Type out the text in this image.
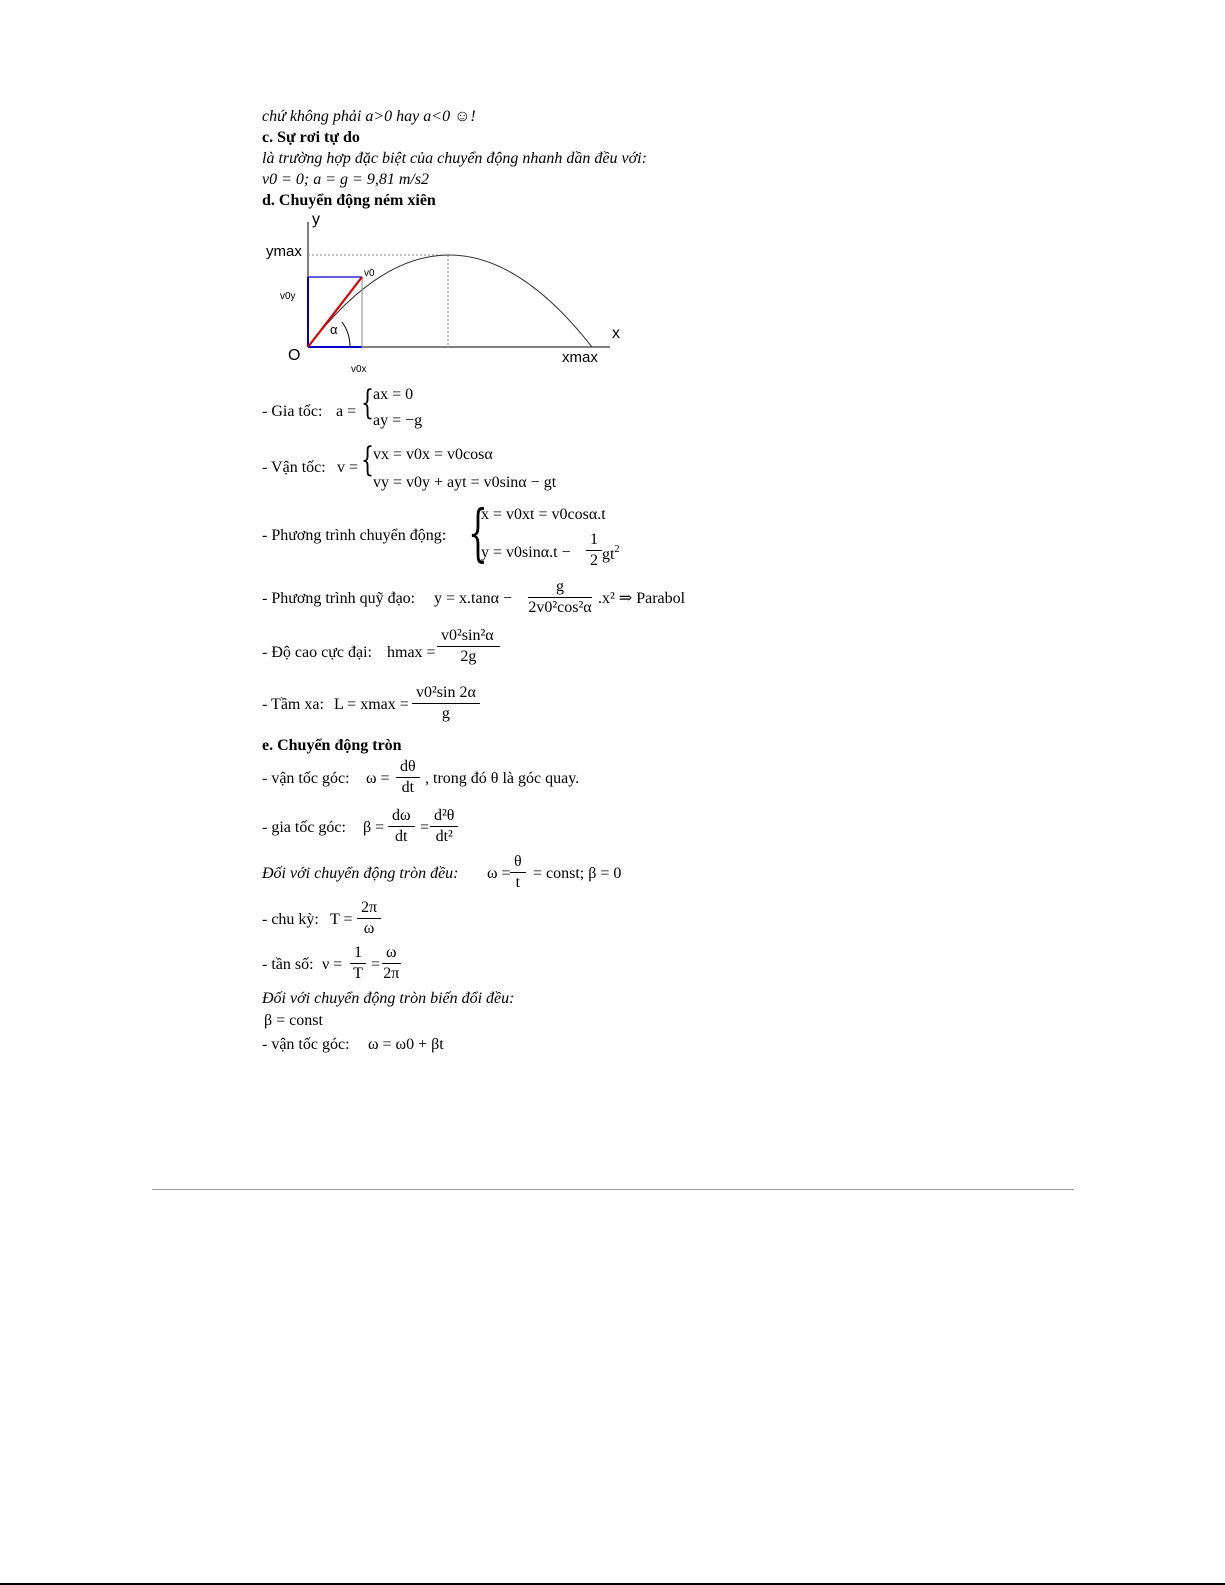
chứ không phải a>0 hay a<0 ☺!
c. Sự rơi tự do
là trường hợp đặc biệt của chuyển động nhanh dần đều với:
v0 = 0; a = g = 9,81 m/s2
d. Chuyển động ném xiên
y
x
O
ymax
xmax
v0
v0y
v0x
α
- Gia tốc: a = { ax = 0
ay = −g
- Vận tốc: v = { vx = v0x = v0cosα
vy = v0y + ayt = v0sinα − gt
- Phương trình chuyển động: {
x = v0xt = v0cosα.t
$y = v0\sin\alpha.t - \frac{1}{2} gt^2$
- Phương trình quỹ đạo: $y = x.\tan\alpha - \frac{g}{\text{2v0²cos²α}} .x^2$ ⇒ Parabol
- Độ cao cực đại: $hmax = \frac{\text{v0²sin²α}}{2g}$
- Tầm xa: $L = xmax = \frac{\text{v0²sin 2α}}{g}$
e. Chuyển động tròn
- vận tốc góc: $\omega = \frac{d\theta}{dt}$ , trong đó θ là góc quay.
- gia tốc góc: $\beta = \frac{d\omega}{dt} = \frac{\text{d²θ}}{\text{dt²}}$
Đối với chuyển động tròn đều: $\omega = \frac{\theta}{t}$ = const; β = 0
- chu kỳ: $T = \frac{2\pi}{\omega}$
- tần số: $\nu = \frac{1}{T} = \frac{\omega}{2\pi}$
Đối với chuyển động tròn biến đổi đều:
β = const
- vận tốc góc: ω = ω0 + βt
